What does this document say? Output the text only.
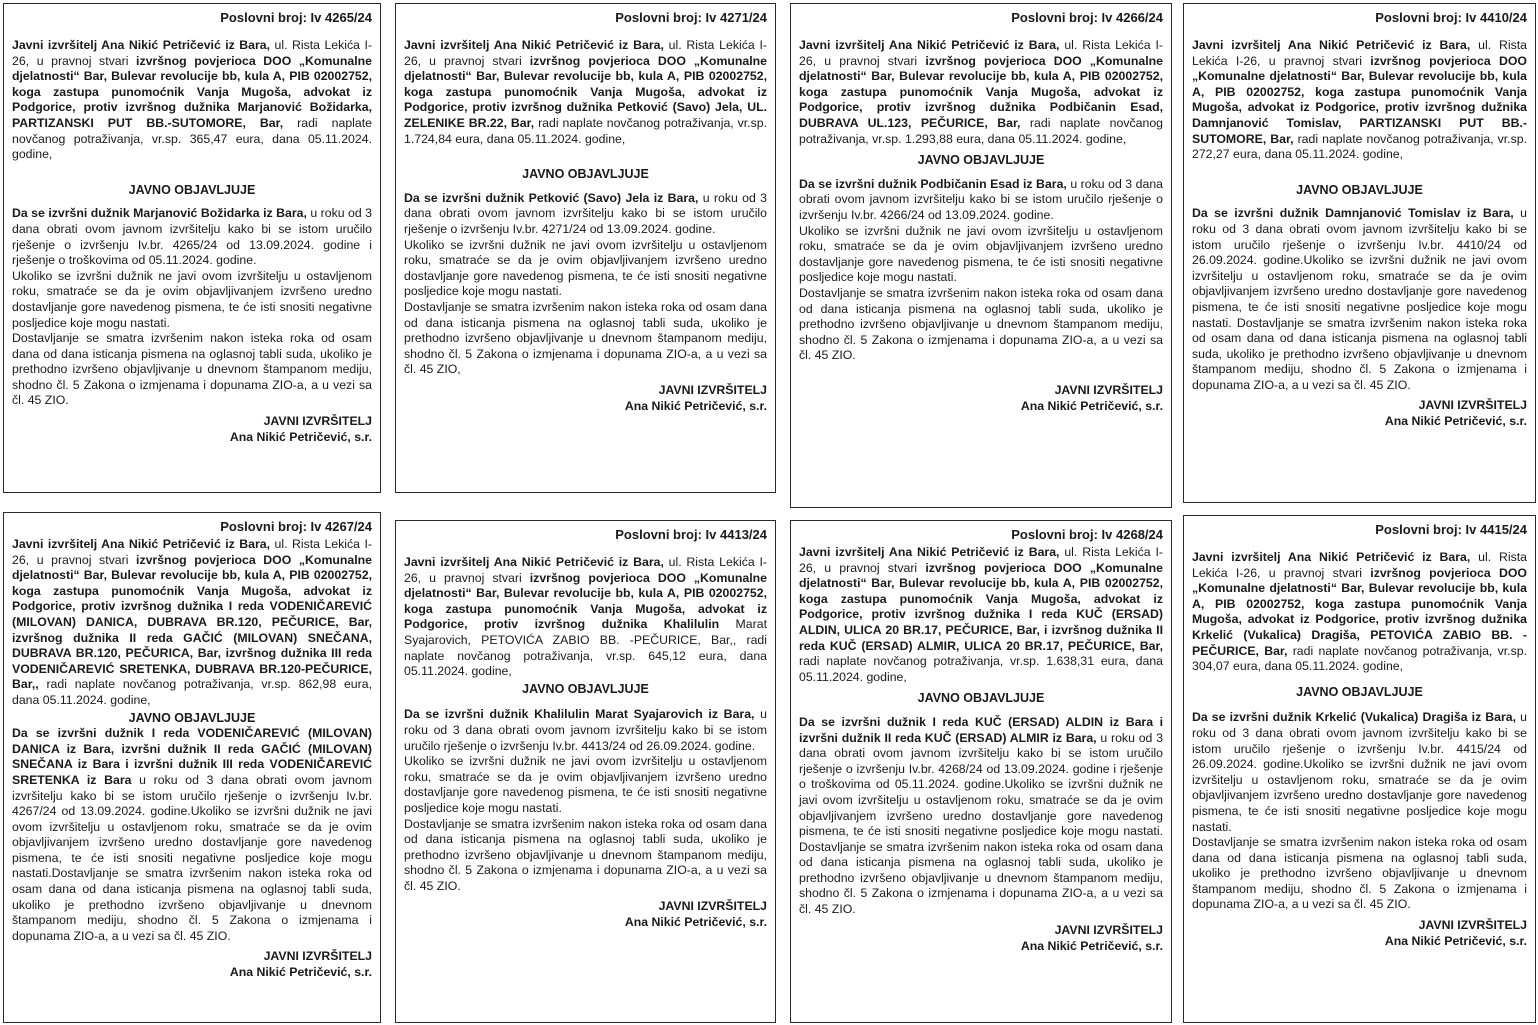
Poslovni broj: Iv 4265/24

Javni izvršitelj Ana Nikić Petričević iz Bara, ul. Rista Lekića I-26, u pravnoj stvari izvršnog povjerioca DOO „Komunalne djelatnosti“ Bar, Bulevar revolucije bb, kula A, PIB 02002752, koga zastupa punomoćnik Vanja Mugoša, advokat iz Podgorice, protiv izvršnog dužnika Marjanović Božidarka, PARTIZANSKI PUT BB.-SUTOMORE, Bar, radi naplate novčanog potraživanja, vr.sp. 365,47 eura, dana 05.11.2024. godine,

JAVNO OBJAVLJUJE

Da se izvršni dužnik Marjanović Božidarka iz Bara, u roku od 3 dana obrati ovom javnom izvršitelju kako bi se istom uručilo rješenje o izvršenju Iv.br. 4265/24 od 13.09.2024. godine i rješenje o troškovima od 05.11.2024. godine.

Ukoliko se izvršni dužnik ne javi ovom izvršitelju u ostavljenom roku, smatraće se da je ovim objavljivanjem izvršeno uredno dostavljanje gore navedenog pismena, te će isti snositi negativne posljedice koje mogu nastati.

Dostavljanje se smatra izvršenim nakon isteka roka od osam dana od dana isticanja pismena na oglasnoj tabli suda, ukoliko je prethodno izvršeno objavljivanje u dnevnom štampanom mediju, shodno čl. 5 Zakona o izmjenama i dopunama ZIO-a, a u vezi sa čl. 45 ZIO.

JAVNI IZVRŠITELJ
Ana Nikić Petričević, s.r.
Poslovni broj: Iv 4271/24

Javni izvršitelj Ana Nikić Petričević iz Bara, ul. Rista Lekića I-26, u pravnoj stvari izvršnog povjerioca DOO „Komunalne djelatnosti“ Bar, Bulevar revolucije bb, kula A, PIB 02002752, koga zastupa punomoćnik Vanja Mugoša, advokat iz Podgorice, protiv izvršnog dužnika Petković (Savo) Jela, UL. ZELENIKE BR.22, Bar, radi naplate novčanog potraživanja, vr.sp. 1.724,84 eura, dana 05.11.2024. godine,

JAVNO OBJAVLJUJE

Da se izvršni dužnik Petković (Savo) Jela iz Bara, u roku od 3 dana obrati ovom javnom izvršitelju kako bi se istom uručilo rješenje o izvršenju Iv.br. 4271/24 od 13.09.2024. godine.

Ukoliko se izvršni dužnik ne javi ovom izvršitelju u ostavljenom roku, smatraće se da je ovim objavljivanjem izvršeno uredno dostavljanje gore navedenog pismena, te će isti snositi negativne posljedice koje mogu nastati.

Dostavljanje se smatra izvršenim nakon isteka roka od osam dana od dana isticanja pismena na oglasnoj tabli suda, ukoliko je prethodno izvršeno objavljivanje u dnevnom štampanom mediju, shodno čl. 5 Zakona o izmjenama i dopunama ZIO-a, a u vezi sa čl. 45 ZIO,

JAVNI IZVRŠITELJ
Ana Nikić Petričević, s.r.
Poslovni broj: Iv 4266/24

Javni izvršitelj Ana Nikić Petričević iz Bara, ul. Rista Lekića I-26, u pravnoj stvari izvršnog povjerioca DOO „Komunalne djelatnosti“ Bar, Bulevar revolucije bb, kula A, PIB 02002752, koga zastupa punomoćnik Vanja Mugoša, advokat iz Podgorice, protiv izvršnog dužnika Podbičanin Esad, DUBRAVA UL.123, PEČURICE, Bar, radi naplate novčanog potraživanja, vr.sp. 1.293,88 eura, dana 05.11.2024. godine,

JAVNO OBJAVLJUJE

Da se izvršni dužnik Podbičanin Esad iz Bara, u roku od 3 dana obrati ovom javnom izvršitelju kako bi se istom uručilo rješenje o izvršenju Iv.br. 4266/24 od 13.09.2024. godine.

Ukoliko se izvršni dužnik ne javi ovom izvršitelju u ostavljenom roku, smatraće se da je ovim objavljivanjem izvršeno uredno dostavljanje gore navedenog pismena, te će isti snositi negativne posljedice koje mogu nastati.

Dostavljanje se smatra izvršenim nakon isteka roka od osam dana od dana isticanja pismena na oglasnoj tabli suda, ukoliko je prethodno izvršeno objavljivanje u dnevnom štampanom mediju, shodno čl. 5 Zakona o izmjenama i dopunama ZIO-a, a u vezi sa čl. 45 ZIO.

JAVNI IZVRŠITELJ
Ana Nikić Petričević, s.r.
Poslovni broj: Iv 4410/24

Javni izvršitelj Ana Nikić Petričević iz Bara, ul. Rista Lekića I-26, u pravnoj stvari izvršnog povjerioca DOO „Komunalne djelatnosti“ Bar, Bulevar revolucije bb, kula A, PIB 02002752, koga zastupa punomoćnik Vanja Mugoša, advokat iz Podgorice, protiv izvršnog dužnika Damnjanović Tomislav, PARTIZANSKI PUT BB.-SUTOMORE, Bar, radi naplate novčanog potraživanja, vr.sp. 272,27 eura, dana 05.11.2024. godine,

JAVNO OBJAVLJUJE

Da se izvršni dužnik Damnjanović Tomislav iz Bara, u roku od 3 dana obrati ovom javnom izvršitelju kako bi se istom uručilo rješenje o izvršenju Iv.br. 4410/24 od 26.09.2024. godine.Ukoliko se izvršni dužnik ne javi ovom izvršitelju u ostavljenom roku, smatraće se da je ovim objavljivanjem izvršeno uredno dostavljanje gore navedenog pismena, te će isti snositi negativne posljedice koje mogu nastati. Dostavljanje se smatra izvršenim nakon isteka roka od osam dana od dana isticanja pismena na oglasnoj tabli suda, ukoliko je prethodno izvršeno objavljivanje u dnevnom štampanom mediju, shodno čl. 5 Zakona o izmjenama i dopunama ZIO-a, a u vezi sa čl. 45 ZIO.

JAVNI IZVRŠITELJ
Ana Nikić Petričević, s.r.
Poslovni broj: Iv 4267/24

Javni izvršitelj Ana Nikić Petričević iz Bara, ul. Rista Lekića I-26, u pravnoj stvari izvršnog povjerioca DOO „Komunalne djelatnosti“ Bar, Bulevar revolucije bb, kula A, PIB 02002752, koga zastupa punomoćnik Vanja Mugoša, advokat iz Podgorice, protiv izvršnog dužnika I reda VODENIČAREVIĆ (MILOVAN) DANICA, DUBRAVA BR.120, PEČURICE, Bar, izvršnog dužnika II reda GAČIĆ (MILOVAN) SNEČANA, DUBRAVA BR.120, PEČURICA, Bar, izvršnog dužnika III reda VODENIČAREVIĆ SRETENKA, DUBRAVA BR.120-PEČURICE, Bar,, radi naplate novčanog potraživanja, vr.sp. 862,98 eura, dana 05.11.2024. godine,

JAVNO OBJAVLJUJE

Da se izvršni dužnik I reda VODENIČAREVIĆ (MILOVAN) DANICA iz Bara, izvršni dužnik II reda GAČIĆ (MILOVAN) SNEČANA iz Bara i izvršni dužnik III reda VODENIČAREVIĆ SRETENKA iz Bara u roku od 3 dana obrati ovom javnom izvršitelju kako bi se istom uručilo rješenje o izvršenju Iv.br. 4267/24 od 13.09.2024. godine.Ukoliko se izvršni dužnik ne javi ovom izvršitelju u ostavljenom roku, smatraće se da je ovim objavljivanjem izvršeno uredno dostavljanje gore navedenog pismena, te će isti snositi negativne posljedice koje mogu nastati.Dostavljanje se smatra izvršenim nakon isteka roka od osam dana od dana isticanja pismena na oglasnoj tabli suda, ukoliko je prethodno izvršeno objavljivanje u dnevnom štampanom mediju, shodno čl. 5 Zakona o izmjenama i dopunama ZIO-a, a u vezi sa čl. 45 ZIO.

JAVNI IZVRŠITELJ
Ana Nikić Petričević, s.r.
Poslovni broj: Iv 4413/24

Javni izvršitelj Ana Nikić Petričević iz Bara, ul. Rista Lekića I-26, u pravnoj stvari izvršnog povjerioca DOO „Komunalne djelatnosti“ Bar, Bulevar revolucije bb, kula A, PIB 02002752, koga zastupa punomoćnik Vanja Mugoša, advokat iz Podgorice, protiv izvršnog dužnika Khalilulin Marat Syajarovich, PETOVIĆA ZABIO BB. -PEČURICE, Bar,, radi naplate novčanog potraživanja, vr.sp. 645,12 eura, dana 05.11.2024. godine,

JAVNO OBJAVLJUJE

Da se izvršni dužnik Khalilulin Marat Syajarovich iz Bara, u roku od 3 dana obrati ovom javnom izvršitelju kako bi se istom uručilo rješenje o izvršenju Iv.br. 4413/24 od 26.09.2024. godine.

Ukoliko se izvršni dužnik ne javi ovom izvršitelju u ostavljenom roku, smatraće se da je ovim objavljivanjem izvršeno uredno dostavljanje gore navedenog pismena, te će isti snositi negativne posljedice koje mogu nastati.

Dostavljanje se smatra izvršenim nakon isteka roka od osam dana od dana isticanja pismena na oglasnoj tabli suda, ukoliko je prethodno izvršeno objavljivanje u dnevnom štampanom mediju, shodno čl. 5 Zakona o izmjenama i dopunama ZIO-a, a u vezi sa čl. 45 ZIO.

JAVNI IZVRŠITELJ
Ana Nikić Petričević, s.r.
Poslovni broj: Iv 4268/24

Javni izvršitelj Ana Nikić Petričević iz Bara, ul. Rista Lekića I-26, u pravnoj stvari izvršnog povjerioca DOO „Komunalne djelatnosti“ Bar, Bulevar revolucije bb, kula A, PIB 02002752, koga zastupa punomoćnik Vanja Mugoša, advokat iz Podgorice, protiv izvršnog dužnika I reda KUČ (ERSAD) ALDIN, ULICA 20 BR.17, PEČURICE, Bar, i izvršnog dužnika II reda KUČ (ERSAD) ALMIR, ULICA 20 BR.17, PEČURICE, Bar, radi naplate novčanog potraživanja, vr.sp. 1.638,31 eura, dana 05.11.2024. godine,

JAVNO OBJAVLJUJE

Da se izvršni dužnik I reda KUČ (ERSAD) ALDIN iz Bara i izvršni dužnik II reda KUČ (ERSAD) ALMIR iz Bara, u roku od 3 dana obrati ovom javnom izvršitelju kako bi se istom uručilo rješenje o izvršenju Iv.br. 4268/24 od 13.09.2024. godine i rješenje o troškovima od 05.11.2024. godine.Ukoliko se izvršni dužnik ne javi ovom izvršitelju u ostavljenom roku, smatraće se da je ovim objavljivanjem izvršeno uredno dostavljanje gore navedenog pismena, te će isti snositi negativne posljedice koje mogu nastati. Dostavljanje se smatra izvršenim nakon isteka roka od osam dana od dana isticanja pismena na oglasnoj tabli suda, ukoliko je prethodno izvršeno objavljivanje u dnevnom štampanom mediju, shodno čl. 5 Zakona o izmjenama i dopunama ZIO-a, a u vezi sa čl. 45 ZIO.

JAVNI IZVRŠITELJ
Ana Nikić Petričević, s.r.
Poslovni broj: Iv 4415/24

Javni izvršitelj Ana Nikić Petričević iz Bara, ul. Rista Lekića I-26, u pravnoj stvari izvršnog povjerioca DOO „Komunalne djelatnosti“ Bar, Bulevar revolucije bb, kula A, PIB 02002752, koga zastupa punomoćnik Vanja Mugoša, advokat iz Podgorice, protiv izvršnog dužnika Krkelić (Vukalica) Dragiša, PETOVIĆA ZABIO BB. -PEČURICE, Bar, radi naplate novčanog potraživanja, vr.sp. 304,07 eura, dana 05.11.2024. godine,

JAVNO OBJAVLJUJE

Da se izvršni dužnik Krkelić (Vukalica) Dragiša iz Bara, u roku od 3 dana obrati ovom javnom izvršitelju kako bi se istom uručilo rješenje o izvršenju Iv.br. 4415/24 od 26.09.2024. godine.Ukoliko se izvršni dužnik ne javi ovom izvršitelju u ostavljenom roku, smatraće se da je ovim objavljivanjem izvršeno uredno dostavljanje gore navedenog pismena, te će isti snositi negativne posljedice koje mogu nastati.

Dostavljanje se smatra izvršenim nakon isteka roka od osam dana od dana isticanja pismena na oglasnoj tabli suda, ukoliko je prethodno izvršeno objavljivanje u dnevnom štampanom mediju, shodno čl. 5 Zakona o izmjenama i dopunama ZIO-a, a u vezi sa čl. 45 ZIO.

JAVNI IZVRŠITELJ
Ana Nikić Petričević, s.r.
